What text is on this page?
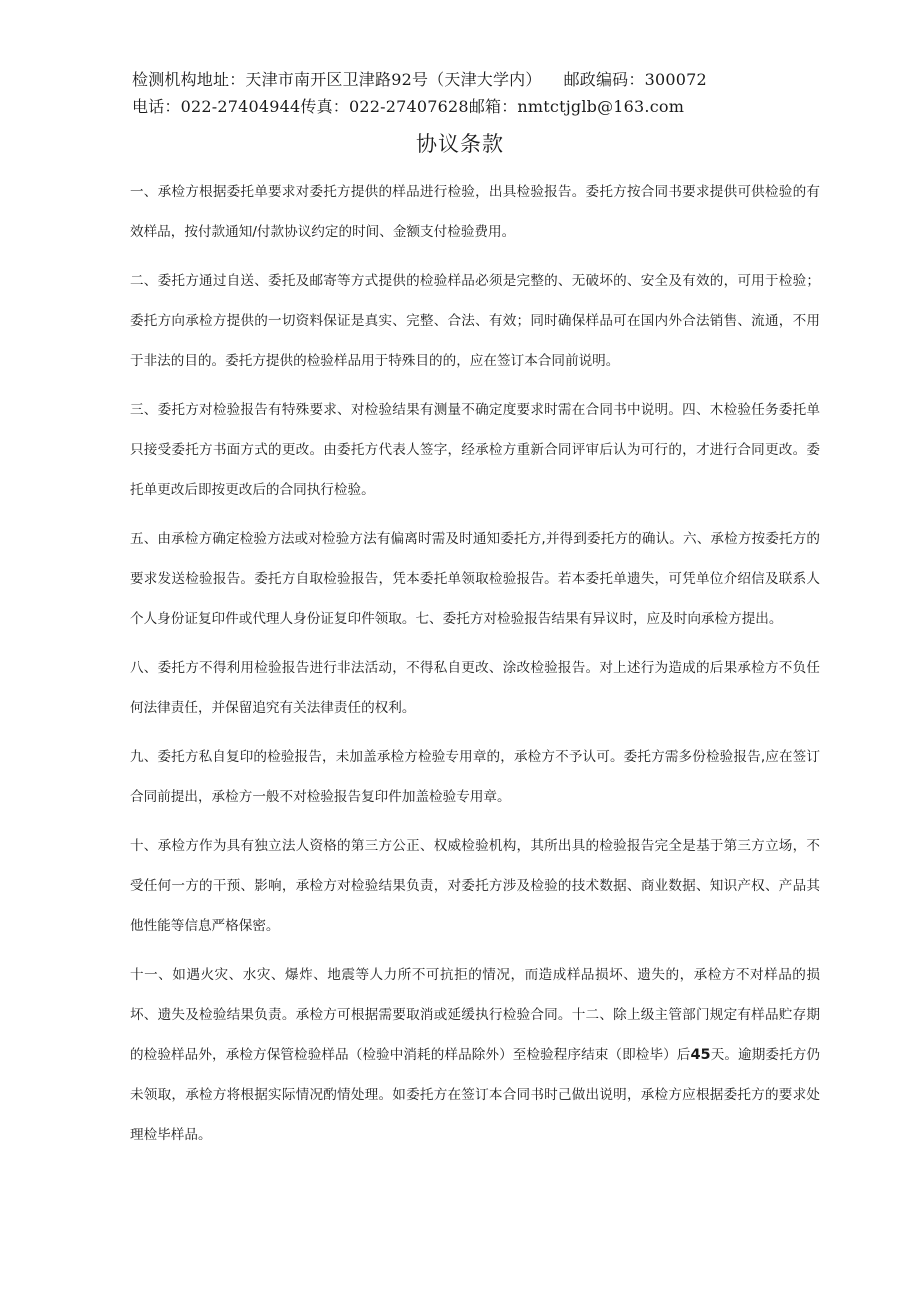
检测机构地址：天津市南开区卫津路92号（天津大学内） 邮政编码：300072
电话：022-27404944传真：022-27407628邮箱：nmtctjglb@163.com
协议条款

一、承检方根据委托单要求对委托方提供的样品进行检验，出具检验报告。委托方按合同书要求提供可供检验的有效样品，按付款通知/付款协议约定的时间、金额支付检验费用。

二、委托方通过自送、委托及邮寄等方式提供的检验样品必须是完整的、无破坏的、安全及有效的，可用于检验；委托方向承检方提供的一切资料保证是真实、完整、合法、有效；同时确保样品可在国内外合法销售、流通，不用于非法的目的。委托方提供的检验样品用于特殊目的的，应在签订本合同前说明。

三、委托方对检验报告有特殊要求、对检验结果有测量不确定度要求时需在合同书中说明。四、木检验任务委托单只接受委托方书面方式的更改。由委托方代表人签字，经承检方重新合同评审后认为可行的，才进行合同更改。委托单更改后即按更改后的合同执行检验。

五、由承检方确定检验方法或对检验方法有偏离时需及时通知委托方,并得到委托方的确认。六、承检方按委托方的要求发送检验报告。委托方自取检验报告，凭本委托单领取检验报告。若本委托单遗失，可凭单位介绍信及联系人个人身份证复印件或代理人身份证复印件领取。七、委托方对检验报告结果有异议时，应及时向承检方提出。

八、委托方不得利用检验报告进行非法活动，不得私自更改、涂改检验报告。对上述行为造成的后果承检方不负任何法律责任，并保留追究有关法律责任的权利。

九、委托方私自复印的检验报告，未加盖承检方检验专用章的，承检方不予认可。委托方需多份检验报告,应在签订合同前提出，承检方一般不对检验报告复印件加盖检验专用章。

十、承检方作为具有独立法人资格的第三方公正、权威检验机构，其所出具的检验报告完全是基于第三方立场，不受任何一方的干预、影响，承检方对检验结果负责，对委托方涉及检验的技术数据、商业数据、知识产权、产品其他性能等信息严格保密。

十一、如遇火灾、水灾、爆炸、地震等人力所不可抗拒的情况，而造成样品损坏、遗失的，承检方不对样品的损坏、遗失及检验结果负责。承检方可根据需要取消或延缓执行检验合同。十二、除上级主管部门规定有样品贮存期的检验样品外，承检方保管检验样品（检验中消耗的样品除外）至检验程序结束（即检毕）后45天。逾期委托方仍未领取，承检方将根据实际情况酌情处理。如委托方在签订本合同书时己做出说明，承检方应根据委托方的要求处理检毕样品。
